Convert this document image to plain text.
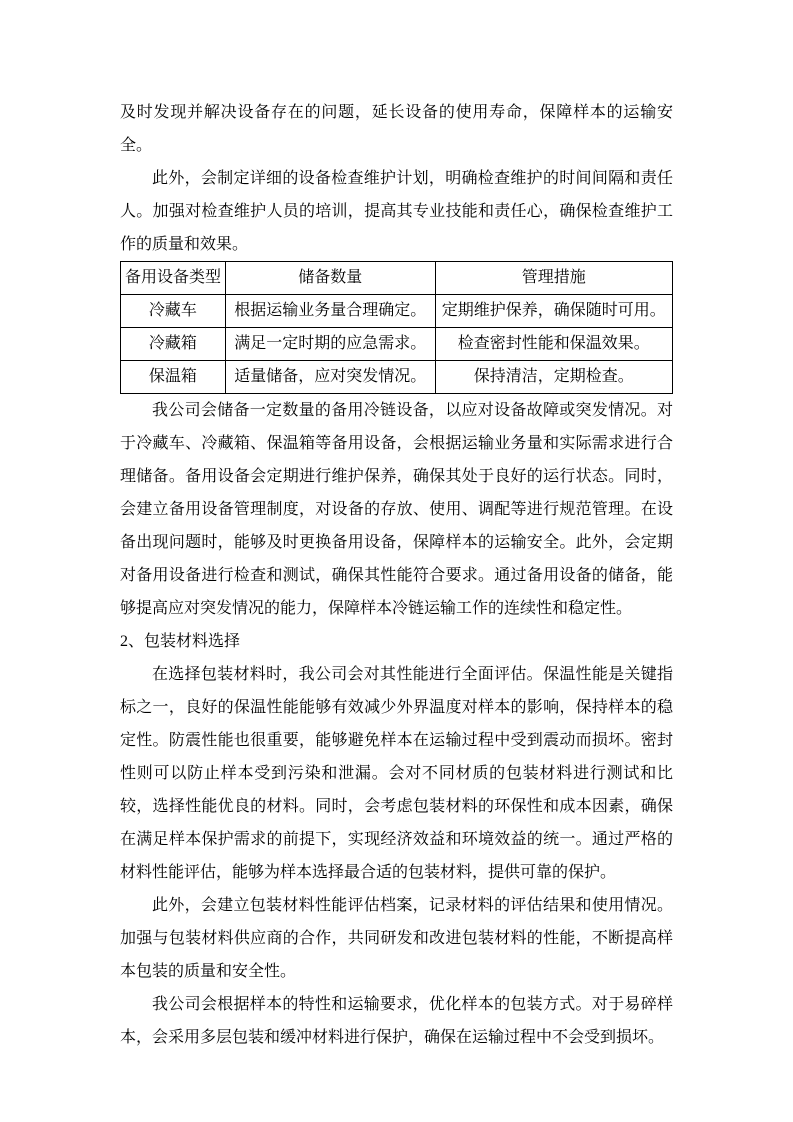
及时发现并解决设备存在的问题，延长设备的使用寿命，保障样本的运输安全。

此外，会制定详细的设备检查维护计划，明确检查维护的时间间隔和责任人。加强对检查维护人员的培训，提高其专业技能和责任心，确保检查维护工作的质量和效果。

备用设备类型	储备数量	管理措施
冷藏车	根据运输业务量合理确定。	定期维护保养，确保随时可用。
冷藏箱	满足一定时期的应急需求。	检查密封性能和保温效果。
保温箱	适量储备，应对突发情况。	保持清洁，定期检查。

我公司会储备一定数量的备用冷链设备，以应对设备故障或突发情况。对于冷藏车、冷藏箱、保温箱等备用设备，会根据运输业务量和实际需求进行合理储备。备用设备会定期进行维护保养，确保其处于良好的运行状态。同时，会建立备用设备管理制度，对设备的存放、使用、调配等进行规范管理。在设备出现问题时，能够及时更换备用设备，保障样本的运输安全。此外，会定期对备用设备进行检查和测试，确保其性能符合要求。通过备用设备的储备，能够提高应对突发情况的能力，保障样本冷链运输工作的连续性和稳定性。

2、包装材料选择

在选择包装材料时，我公司会对其性能进行全面评估。保温性能是关键指标之一，良好的保温性能能够有效减少外界温度对样本的影响，保持样本的稳定性。防震性能也很重要，能够避免样本在运输过程中受到震动而损坏。密封性则可以防止样本受到污染和泄漏。会对不同材质的包装材料进行测试和比较，选择性能优良的材料。同时，会考虑包装材料的环保性和成本因素，确保在满足样本保护需求的前提下，实现经济效益和环境效益的统一。通过严格的材料性能评估，能够为样本选择最合适的包装材料，提供可靠的保护。

此外，会建立包装材料性能评估档案，记录材料的评估结果和使用情况。加强与包装材料供应商的合作，共同研发和改进包装材料的性能，不断提高样本包装的质量和安全性。

我公司会根据样本的特性和运输要求，优化样本的包装方式。对于易碎样本，会采用多层包装和缓冲材料进行保护，确保在运输过程中不会受到损坏。
